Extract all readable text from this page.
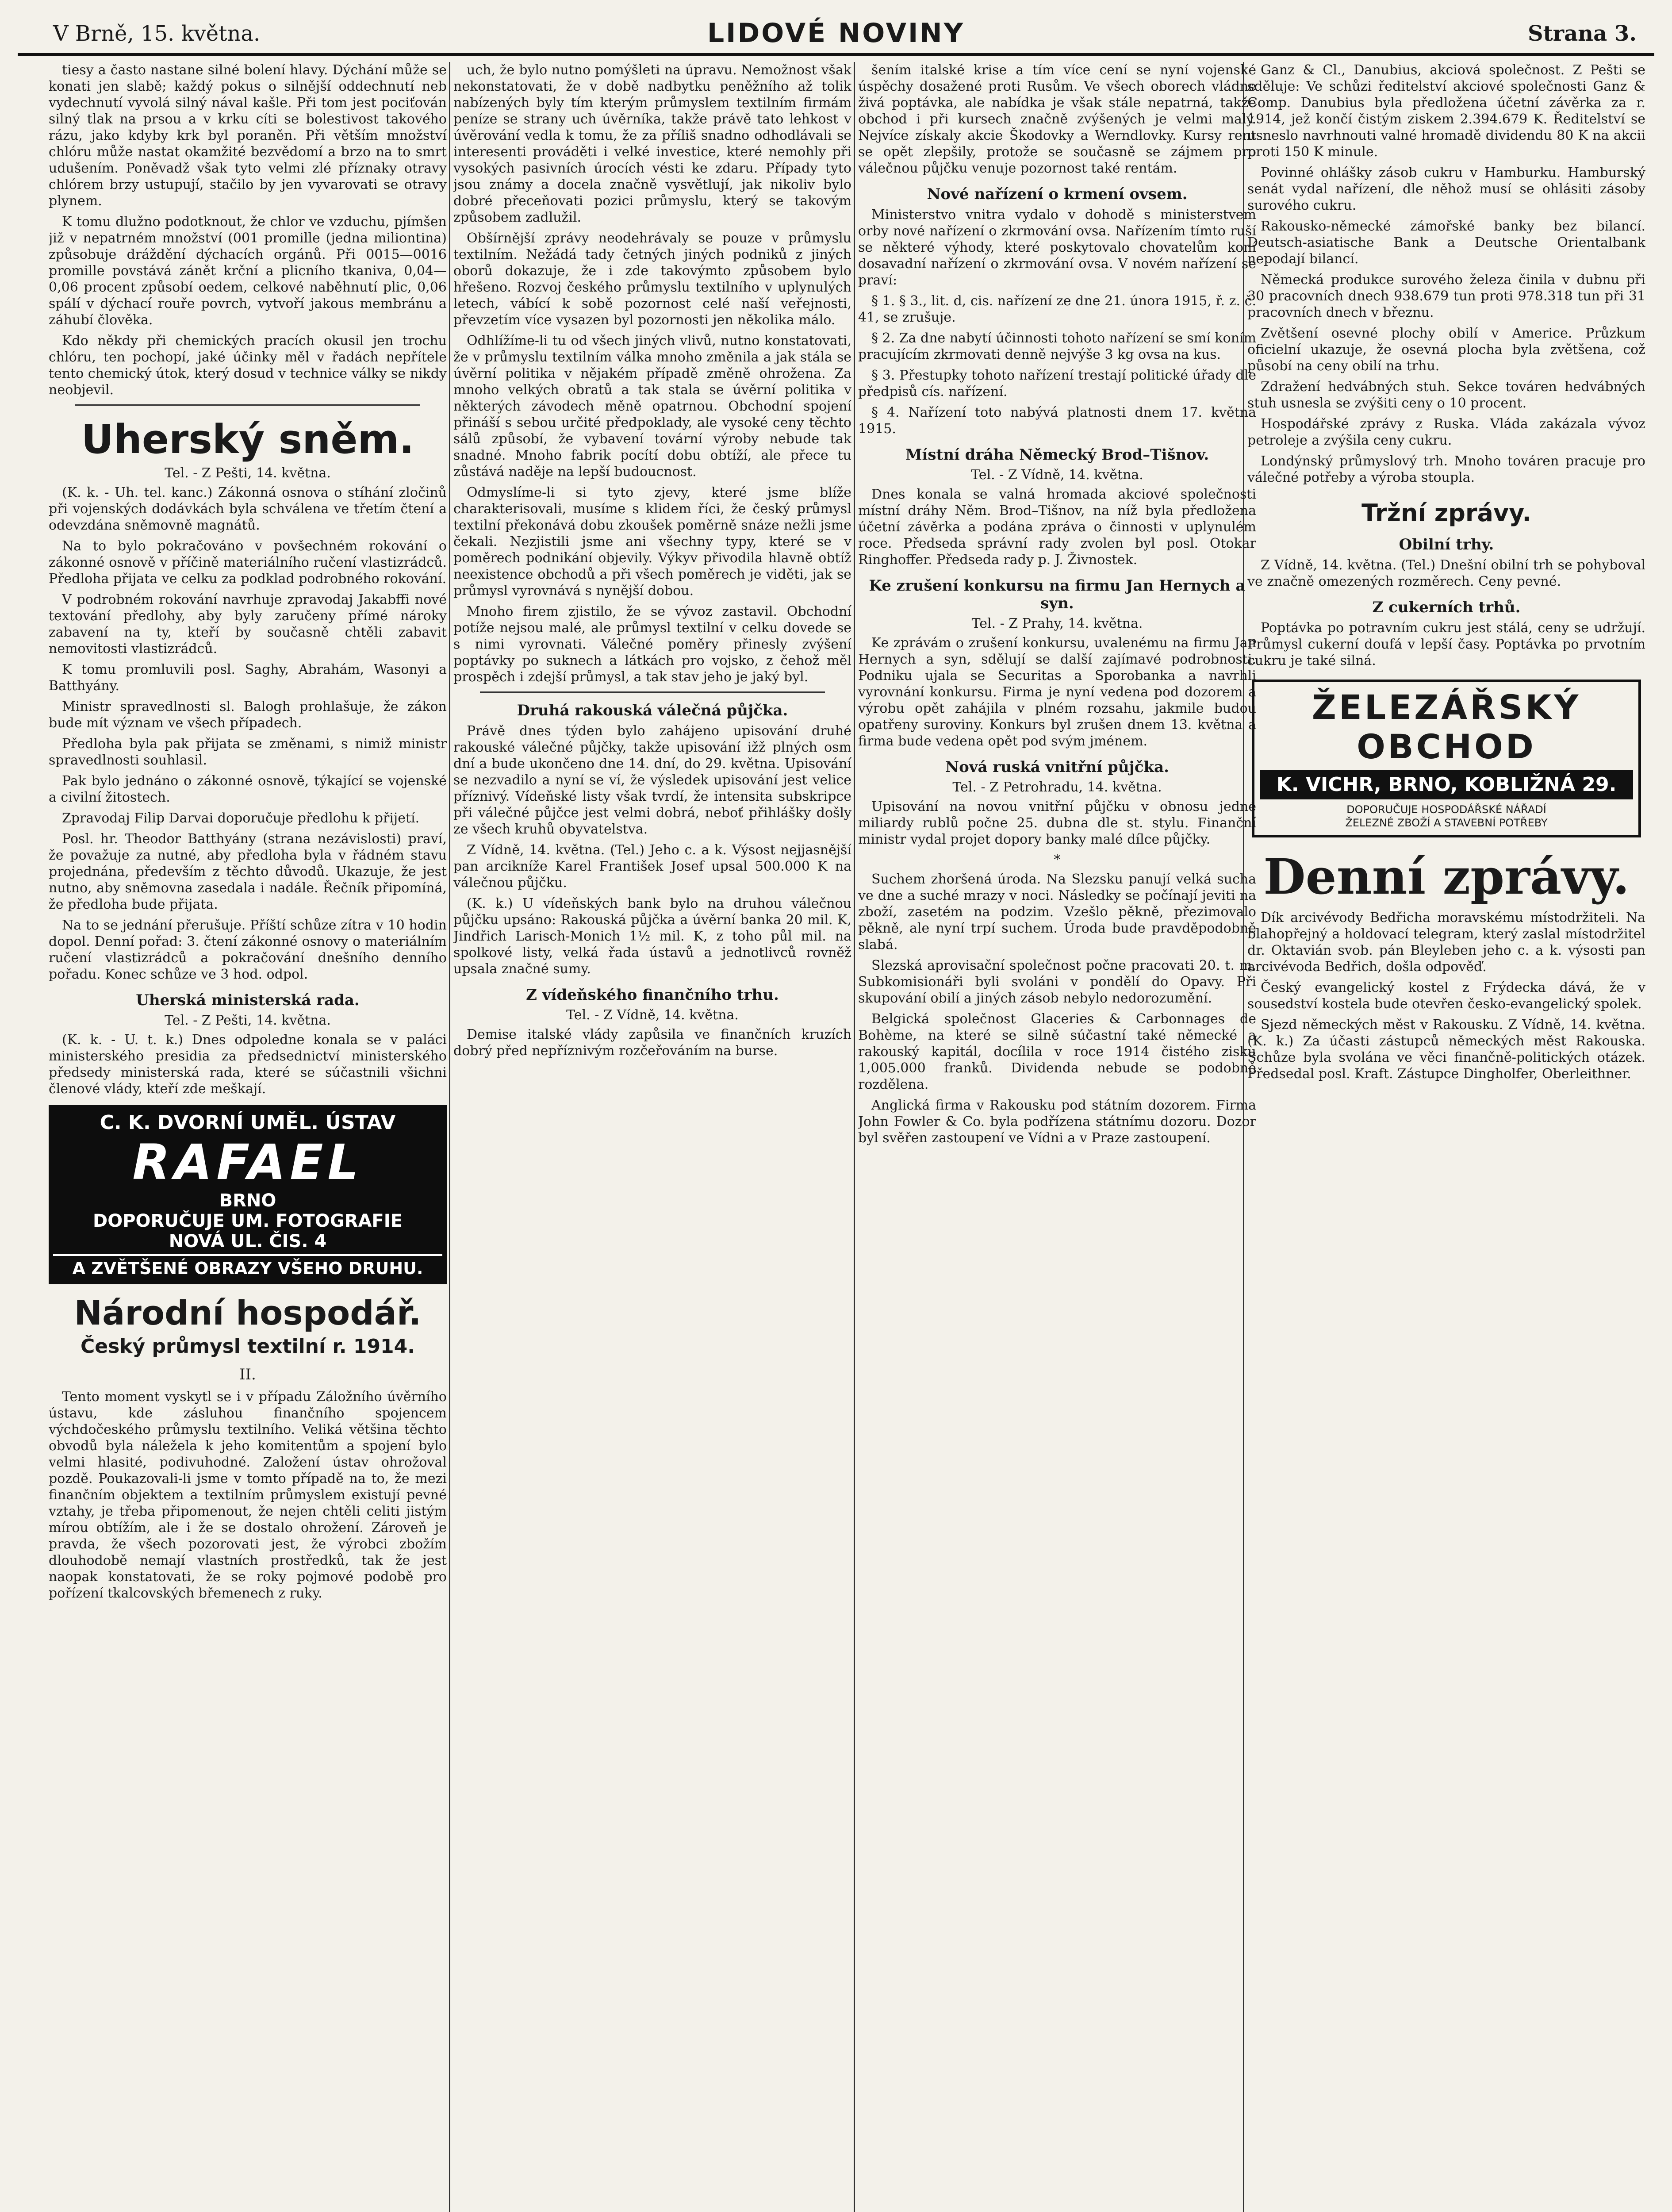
V Brně, 15. května.	LIDOVÉ NOVINY	Strana 3.

tiesy a často nastane silné bolení hlavy. Dýchání může se konati jen slabě; každý pokus o silnější oddechnutí neb vydechnutí vyvolá silný nával kašle. Při tom jest pociťován silný tlak na prsou a v krku cíti se bolestivost takového rázu, jako kdyby krk byl poraněn. Při větším množství chlóru může nastat okamžité bezvědomí a brzo na to smrt udušením. Poněvadž však tyto velmi zlé příznaky otravy chlórem brzy ustupují, stačilo by jen vyvarovati se otravy plynem.

K tomu dlužno podotknout, že chlor ve vzduchu, pjímšen již v nepatrném množství (001 promille (jedna miliontina) způsobuje dráždění dýchacích orgánů. Při 0015—0016 promille povstává zánět krční a plicního tkaniva, 0,04—0,06 procent způsobí oedem, celkové naběhnutí plic, 0,06 spálí v dýchací rouře povrch, vytvoří jakous membránu a záhubí člověka.

Kdo někdy při chemických pracích okusil jen trochu chlóru, ten pochopí, jaké účinky měl v řadách nepřítele tento chemický útok, který dosud v technice války se nikdy neobjevil.

Uherský sněm.
Tel. - Z Pešti, 14. května.

(K. k. - Uh. tel. kanc.) Zákonná osnova o stíhání zločinů při vojenských dodávkách byla schválena ve třetím čtení a odevzdána sněmovně magnátů.

Na to bylo pokračováno v povšechném rokování o zákonné osnově v příčině materiálního ručení vlastizrádců. Předloha přijata ve celku za podklad podrobného rokování.

V podrobném rokování navrhuje zpravodaj Jakabffi nové textování předlohy, aby byly zaručeny přímé nároky zabavení na ty, kteří by současně chtěli zabavit nemovitosti vlastizrádců.

K tomu promluvili posl. Saghy, Abrahám, Wasonyi a Batthyány.

Ministr spravedlnosti sl. Balogh prohlašuje, že zákon bude mít význam ve všech případech.

Předloha byla pak přijata se změnami, s nimiž ministr spravedlnosti souhlasil.

Pak bylo jednáno o zákonné osnově, týkající se vojenské a civilní žitostech.

Zpravodaj Filip Darvai doporučuje předlohu k přijetí.

Posl. hr. Theodor Batthyány (strana nezávislosti) praví, že považuje za nutné, aby předloha byla v řádném stavu projednána, především z těchto důvodů. Ukazuje, že jest nutno, aby sněmovna zasedala i nadále. Řečník připomíná, že předloha bude přijata.

Na to se jednání přerušuje. Příští schůze zítra v 10 hodin dopol. Denní pořad: 3. čtení zákonné osnovy o materiálním ručení vlastizrádců a pokračování dnešního denního pořadu. Konec schůze ve 3 hod. odpol.

Uherská ministerská rada.
Tel. - Z Pešti, 14. května.

(K. k. - U. t. k.) Dnes odpoledne konala se v paláci ministerského presidia za předsednictví ministerského předsedy ministerská rada, které se súčastnili všichni členové vlády, kteří zde meškají.

C. K. DVORNÍ UMĚL. ÚSTAV
RAFAEL
BRNO
DOPORUČUJE UM. FOTOGRAFIE
NOVÁ UL. ČIS. 4
A ZVĚTŠENÉ OBRAZY VŠEHO DRUHU.
Národní hospodář.
Český průmysl textilní r. 1914.
II.

Tento moment vyskytl se i v případu Záložního úvěrního ústavu, kde zásluhou finančního spojencem výchdočeského průmyslu textilního. Veliká většina těchto obvodů byla náležela k jeho komitentům a spojení bylo velmi hlasité, podivuhodné. Založení ústav ohrožoval pozdě. Poukazovali-li jsme v tomto případě na to, že mezi finančním objektem a textilním průmyslem existují pevné vztahy, je třeba připomenout, že nejen chtěli celiti jistým mírou obtížím, ale i že se dostalo ohrožení. Zároveň je pravda, že všech pozorovati jest, že výrobci zbožím dlouhodobě nemají vlastních prostředků, tak že jest naopak konstatovati, že se roky pojmové podobě pro pořízení tkalcovských břemenech z ruky.

uch, že bylo nutno pomýšleti na úpravu. Nemožnost však nekonstatovati, že v době nadbytku peněžního až tolik nabízených byly tím kterým průmyslem textilním firmám peníze se strany uch úvěrníka, takže právě tato lehkost v úvěrování vedla k tomu, že za příliš snadno odhodlávali se interesenti prováděti i velké investice, které nemohly při vysokých pasivních úrocích vésti ke zdaru. Případy tyto jsou známy a docela značně vysvětlují, jak nikoliv bylo dobré přeceňovati pozici průmyslu, který se takovým způsobem zadlužil.

Obšírnější zprávy neodehrávaly se pouze v průmyslu textilním. Nežádá tady četných jiných podniků z jiných oborů dokazuje, že i zde takovýmto způsobem bylo hřešeno. Rozvoj českého průmyslu textilního v uplynulých letech, vábící k sobě pozornost celé naší veřejnosti, převzetím více vysazen byl pozornosti jen několika málo.

Odhlížíme-li tu od všech jiných vlivů, nutno konstatovati, že v průmyslu textilním válka mnoho změnila a jak stála se úvěrní politika v nějakém případě změně ohrožena. Za mnoho velkých obratů a tak stala se úvěrní politika v některých závodech měně opatrnou. Obchodní spojení přináší s sebou určité předpoklady, ale vysoké ceny těchto sálů způsobí, že vybavení tovární výroby nebude tak snadné. Mnoho fabrik pocítí dobu obtíží, ale přece tu zůstává naděje na lepší budoucnost.

Odmyslíme-li si tyto zjevy, které jsme blíže charakterisovali, musíme s klidem říci, že český průmysl textilní překonává dobu zkoušek poměrně snáze nežli jsme čekali. Nezjistili jsme ani všechny typy, které se v poměrech podnikání objevily. Výkyv přivodila hlavně obtíž neexistence obchodů a při všech poměrech je viděti, jak se průmysl vyrovnává s nynější dobou.

Mnoho firem zjistilo, že se vývoz zastavil. Obchodní potíže nejsou malé, ale průmysl textilní v celku dovede se s nimi vyrovnati. Válečné poměry přinesly zvýšení poptávky po suknech a látkách pro vojsko, z čehož měl prospěch i zdejší průmysl, a tak stav jeho je jaký byl.

Druhá rakouská válečná půjčka.

Právě dnes týden bylo zahájeno upisování druhé rakouské válečné půjčky, takže upisování ižž plných osm dní a bude ukončeno dne 14. dní, do 29. května. Upisování se nezvadilo a nyní se ví, že výsledek upisování jest velice příznivý. Vídeňské listy však tvrdí, že intensita subskripce při válečné půjčce jest velmi dobrá, neboť přihlášky došly ze všech kruhů obyvatelstva.

Z Vídně, 14. května. (Tel.) Jeho c. a k. Výsost nejjasnější pan arcikníže Karel František Josef upsal 500.000 K na válečnou půjčku.

(K. k.) U vídeňských bank bylo na druhou válečnou půjčku upsáno: Rakouská půjčka a úvěrní banka 20 mil. K, Jindřich Larisch-Monich 1½ mil. K, z toho půl mil. na spolkové listy, velká řada ústavů a jednotlivců rovněž upsala značné sumy.

Z vídeňského finančního trhu.
Tel. - Z Vídně, 14. května.

Demise italské vlády zapůsila ve finančních kruzích dobrý před nepříznivým rozčeřováním na burse.

šením italské krise a tím více cení se nyní vojenské úspěchy dosažené proti Rusům. Ve všech oborech vládne živá poptávka, ale nabídka je však stále nepatrná, takže obchod i při kursech značně zvýšených je velmi malý. Nejvíce získaly akcie Škodovky a Werndlovky. Kursy rent se opět zlepšily, protože se současně se zájmem pro válečnou půjčku venuje pozornost také rentám.

Nové nařízení o krmení ovsem.

Ministerstvo vnitra vydalo v dohodě s ministerstvem orby nové nařízení o zkrmování ovsa. Nařízením tímto ruší se některé výhody, které poskytovalo chovatelům koní dosavadní nařízení o zkrmování ovsa. V novém nařízení se praví:

§ 1. § 3., lit. d, cis. nařízení ze dne 21. února 1915, ř. z. č. 41, se zrušuje.

§ 2. Za dne nabytí účinnosti tohoto nařízení se smí koním pracujícím zkrmovati denně nejvýše 3 kg ovsa na kus.

§ 3. Přestupky tohoto nařízení trestají politické úřady dle předpisů cís. nařízení.

§ 4. Nařízení toto nabývá platnosti dnem 17. května 1915.

Místní dráha Německý Brod–Tišnov.
Tel. - Z Vídně, 14. května.

Dnes konala se valná hromada akciové společnosti místní dráhy Něm. Brod–Tišnov, na níž byla předložena účetní závěrka a podána zpráva o činnosti v uplynulém roce. Předseda správní rady zvolen byl posl. Otokar Ringhoffer. Předseda rady p. J. Živnostek.

Ke zrušení konkursu na firmu Jan Hernych a syn.
Tel. - Z Prahy, 14. května.

Ke zprávám o zrušení konkursu, uvalenému na firmu Jan Hernych a syn, sdělují se další zajímavé podrobnosti. Podniku ujala se Securitas a Sporobanka a navrhli vyrovnání konkursu. Firma je nyní vedena pod dozorem a výrobu opět zahájila v plném rozsahu, jakmile budou opatřeny suroviny. Konkurs byl zrušen dnem 13. května a firma bude vedena opět pod svým jménem.

Nová ruská vnitřní půjčka.
Tel. - Z Petrohradu, 14. května.

Upisování na novou vnitřní půjčku v obnosu jedné miliardy rublů počne 25. dubna dle st. stylu. Finanční ministr vydal projet dopory banky malé dílce půjčky.

*

Suchem zhoršená úroda. Na Slezsku panují velká sucha ve dne a suché mrazy v noci. Následky se počínají jeviti na zboží, zasetém na podzim. Vzešlo pěkně, přezimovalo pěkně, ale nyní trpí suchem. Úroda bude pravděpodobně slabá.

Slezská aprovisační společnost počne pracovati 20. t. m. Subkomisionáři byli svoláni v pondělí do Opavy. Při skupování obilí a jiných zásob nebylo nedorozumění.

Belgická společnost Glaceries & Carbonnages de Bohème, na které se silně súčastní také německé a rakouský kapitál, docílila v roce 1914 čistého zisku 1,005.000 franků. Dividenda nebude se podobně rozdělena.

Anglická firma v Rakousku pod státním dozorem. Firma John Fowler & Co. byla podřízena státnímu dozoru. Dozor byl svěřen zastoupení ve Vídni a v Praze zastoupení.

Ganz & Cl., Danubius, akciová společnost. Z Pešti se sděluje: Ve schůzi ředitelství akciové společnosti Ganz & Comp. Danubius byla předložena účetní závěrka za r. 1914, jež končí čistým ziskem 2.394.679 K. Ředitelství se usneslo navrhnouti valné hromadě dividendu 80 K na akcii proti 150 K minule.

Povinné ohlášky zásob cukru v Hamburku. Hamburský senát vydal nařízení, dle něhož musí se ohlásiti zásoby surového cukru.

Rakousko-německé zámořské banky bez bilancí. Deutsch-asiatische Bank a Deutsche Orientalbank nepodají bilancí.

Německá produkce surového železa činila v dubnu při 30 pracovních dnech 938.679 tun proti 978.318 tun při 31 pracovních dnech v březnu.

Zvětšení osevné plochy obilí v Americe. Průzkum oficielní ukazuje, že osevná plocha byla zvětšena, což působí na ceny obilí na trhu.

Zdražení hedvábných stuh. Sekce továren hedvábných stuh usnesla se zvýšiti ceny o 10 procent.

Hospodářské zprávy z Ruska. Vláda zakázala vývoz petroleje a zvýšila ceny cukru.

Londýnský průmyslový trh. Mnoho továren pracuje pro válečné potřeby a výroba stoupla.

Tržní zprávy.
Obilní trhy.

Z Vídně, 14. května. (Tel.) Dnešní obilní trh se pohyboval ve značně omezených rozměrech. Ceny pevné.

Z cukerních trhů.

Poptávka po potravním cukru jest stálá, ceny se udržují. Průmysl cukerní doufá v lepší časy. Poptávka po prvotním cukru je také silná.

ŽELEZÁŘSKÝ OBCHOD
K. VICHR, BRNO, KOBLIŽNÁ 29.
DOPORUČUJE HOSPODÁŘSKÉ NÁŘADÍ
ŽELEZNÉ ZBOŽÍ A STAVEBNÍ POTŘEBY
Denní zprávy.

Dík arcivévody Bedřicha moravskému místodržiteli. Na blahopřejný a holdovací telegram, který zaslal místodržitel dr. Oktavián svob. pán Bleyleben jeho c. a k. výsosti pan arcivévoda Bedřich, došla odpověď.

Český evangelický kostel z Frýdecka dává, že v sousedství kostela bude otevřen česko-evangelický spolek.

Sjezd německých měst v Rakousku. Z Vídně, 14. května. (K. k.) Za účasti zástupců německých měst Rakouska. Schůze byla svolána ve věci finančně-politických otázek. Předsedal posl. Kraft. Zástupce Dingholfer, Oberleithner.
